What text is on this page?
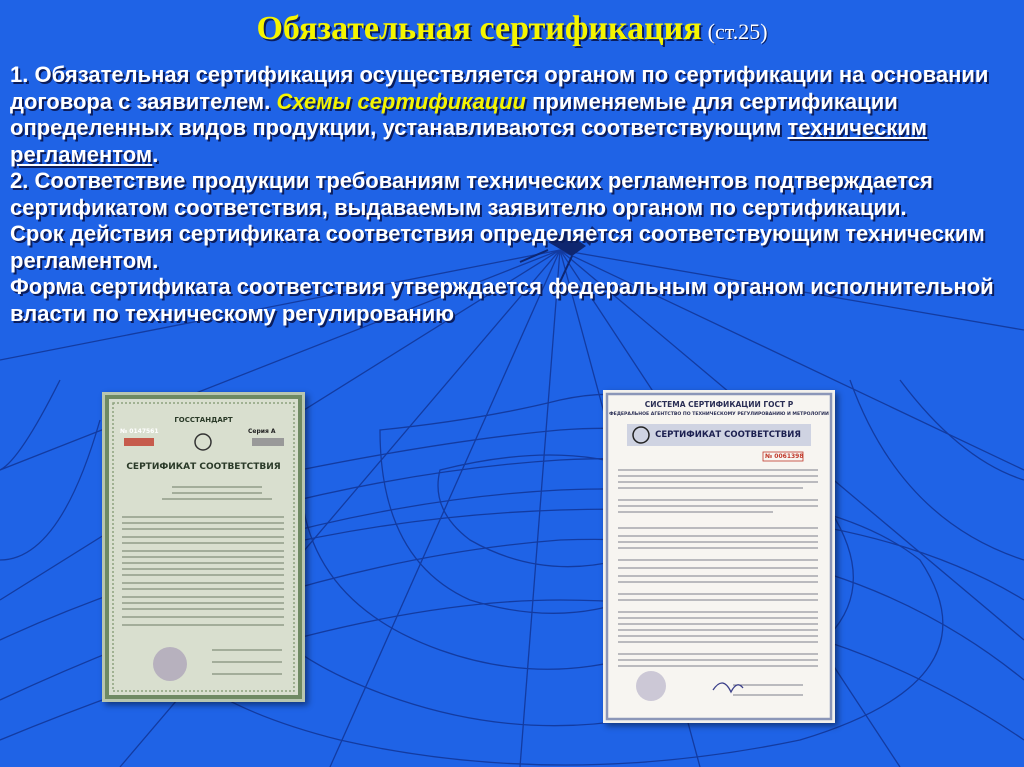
Обязательная сертификация (ст.25)

1. Обязательная сертификация осуществляется органом по сертификации на основании договора с заявителем. Схемы сертификации применяемые для сертификации определенных видов продукции, устанавливаются соответствующим техническим регламентом.

2. Соответствие продукции требованиям технических регламентов подтверждается сертификатом соответствия, выдаваемым заявителю органом по сертификации.

Срок действия сертификата соответствия определяется соответствующим техническим регламентом.

Форма сертификата соответствия утверждается федеральным органом исполнительной власти по техническому регулированию

ГОССТАНДАРТ
№ 0147561	Серия А
СЕРТИФИКАТ СООТВЕТСТВИЯ
СИСТЕМА СЕРТИФИКАЦИИ ГОСТ Р
ФЕДЕРАЛЬНОЕ АГЕНТСТВО ПО ТЕХНИЧЕСКОМУ РЕГУЛИРОВАНИЮ И МЕТРОЛОГИИ
СЕРТИФИКАТ СООТВЕТСТВИЯ
№ 0061398
